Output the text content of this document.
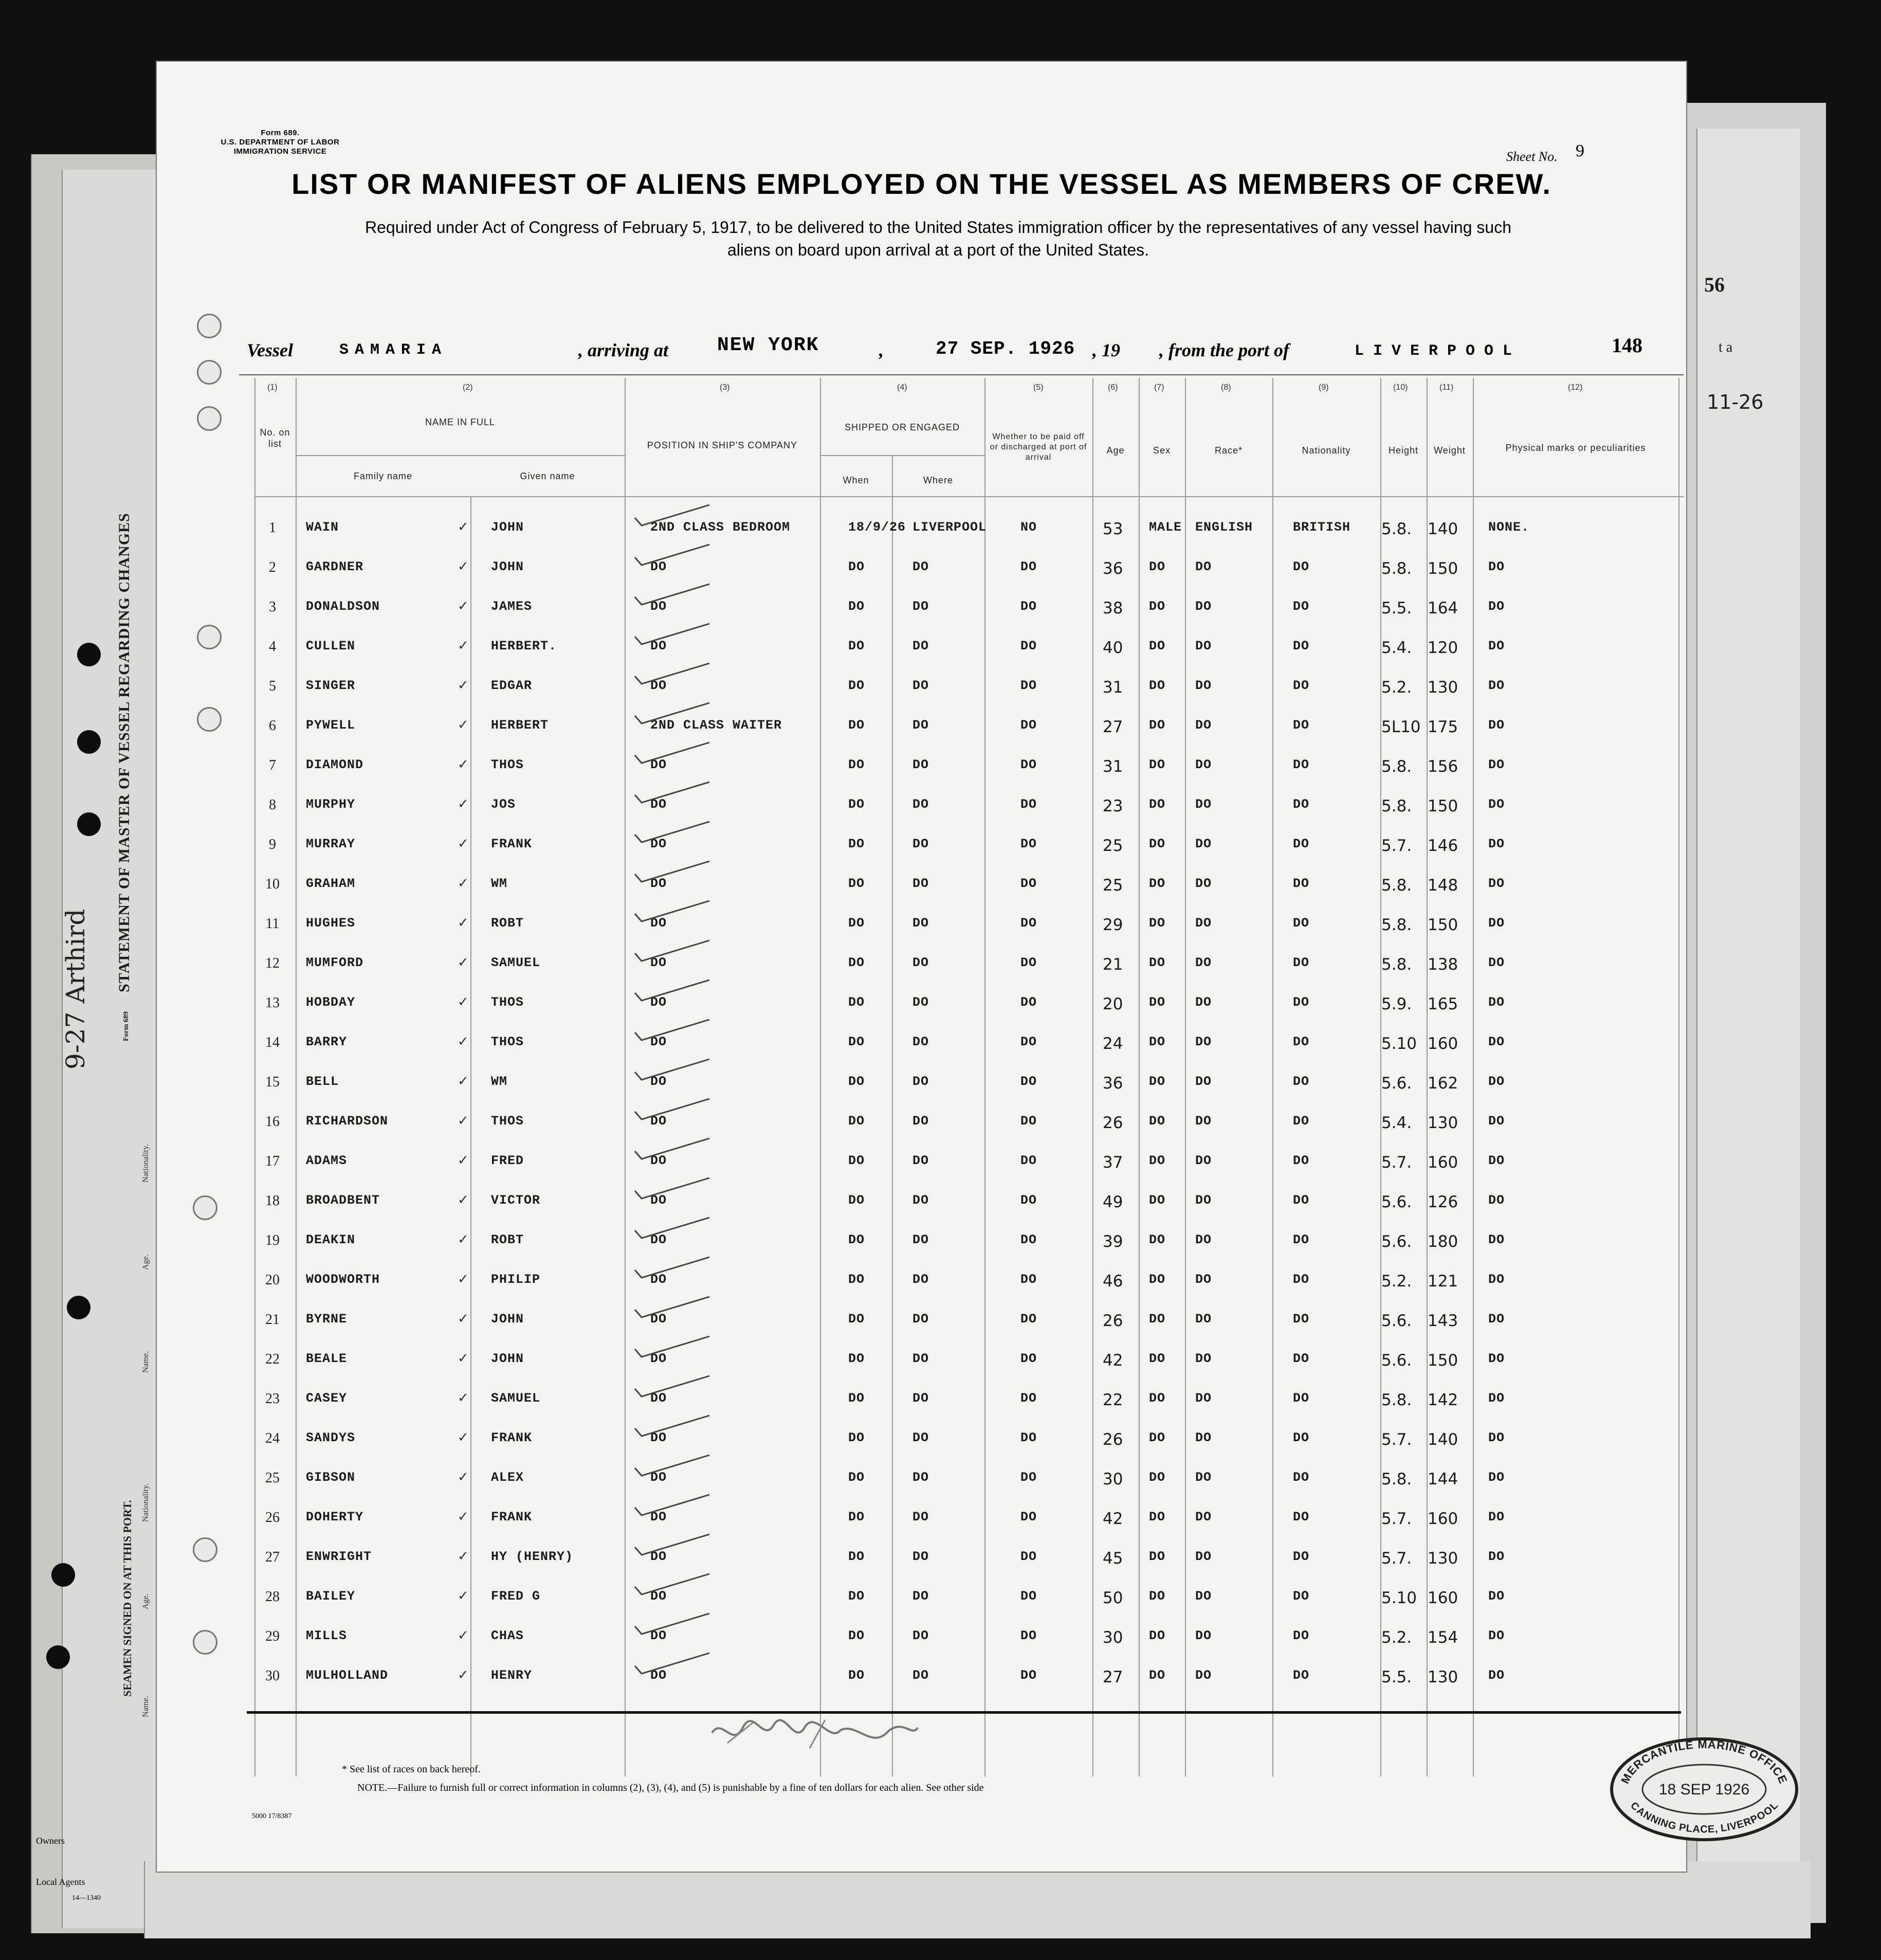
STATEMENT OF MASTER OF VESSEL REGARDING CHANGES
SEAMEN SIGNED ON AT THIS PORT.
Form 689
9-27 Arthird
Nationality.
Age.
Name.
Nationality.
Age.
Name.
Owners
Local Agents
14—1340
56
t a
11-26
Form 689.
U.S. DEPARTMENT OF LABOR
IMMIGRATION SERVICE	Sheet No. 9
LIST OR MANIFEST OF ALIENS EMPLOYED ON THE VESSEL AS MEMBERS OF CREW.
Required under Act of Congress of February 5, 1917, to be delivered to the United States immigration officer by the representatives of any vessel having such
aliens on board upon arrival at a port of the United States.
Vessel	SAMARIA	, arriving at NEW YORK	,	27 SEP. 1926 , 19 , from the port of	LIVERPOOL	148
(1)	(2)	(3)	(4)	(5)	(6)	(7)	(8)	(9)	(10)	(11)	(12)
No. on list
NAME IN FULL
Family name	Given name
POSITION IN SHIP'S COMPANY
SHIPPED OR ENGAGED
When	Where
Whether to be paid off or discharged at port of arrival
Age	Sex	Race*	Nationality	Height	Weight	Physical marks or peculiarities
1	WAIN	JOHN	2ND CLASS BEDROOM	18/9/26 LIVERPOOL	NO	53 MALE ENGLISH	BRITISH 5.8. 140 NONE.
✓
2	GARDNER	JOHN	DO	DO	DO	DO	36 DO DO	DO	5.8. 150 DO
✓
3	DONALDSON	JAMES	DO	DO	DO	DO	38 DO DO	DO	5.5. 164 DO
✓
4	CULLEN	HERBERT.	DO	DO	DO	DO	40 DO DO	DO	5.4. 120 DO
✓
5	SINGER	EDGAR	DO	DO	DO	DO	31 DO DO	DO	5.2. 130 DO
✓
6	PYWELL	HERBERT	2ND CLASS WAITER	DO	DO	DO	27 DO DO	DO	5L10 175 DO
✓
7	DIAMOND	THOS	DO	DO	DO	DO	31 DO DO	DO	5.8. 156 DO
✓
8	MURPHY	JOS	DO	DO	DO	DO	23 DO DO	DO	5.8. 150 DO
✓
9	MURRAY	FRANK	DO	DO	DO	DO	25 DO DO	DO	5.7. 146 DO
✓
10	GRAHAM	WM	DO	DO	DO	DO	25 DO DO	DO	5.8. 148 DO
✓
11	HUGHES	ROBT	DO	DO	DO	DO	29 DO DO	DO	5.8. 150 DO
✓
12	MUMFORD	SAMUEL	DO	DO	DO	DO	21 DO DO	DO	5.8. 138 DO
✓
13	HOBDAY	THOS	DO	DO	DO	DO	20 DO DO	DO	5.9. 165 DO
✓
14	BARRY	THOS	DO	DO	DO	DO	24 DO DO	DO	5.10 160 DO
✓
15	BELL	WM	DO	DO	DO	DO	36 DO DO	DO	5.6. 162 DO
✓
16	RICHARDSON	THOS	DO	DO	DO	DO	26 DO DO	DO	5.4. 130 DO
✓
17	ADAMS	FRED	DO	DO	DO	DO	37 DO DO	DO	5.7. 160 DO
✓
18	BROADBENT	VICTOR	DO	DO	DO	DO	49 DO DO	DO	5.6. 126 DO
✓
19	DEAKIN	ROBT	DO	DO	DO	DO	39 DO DO	DO	5.6. 180 DO
✓
20	WOODWORTH	PHILIP	DO	DO	DO	DO	46 DO DO	DO	5.2. 121 DO
✓
21	BYRNE	JOHN	DO	DO	DO	DO	26 DO DO	DO	5.6. 143 DO
✓
22	BEALE	JOHN	DO	DO	DO	DO	42 DO DO	DO	5.6. 150 DO
✓
23	CASEY	SAMUEL	DO	DO	DO	DO	22 DO DO	DO	5.8. 142 DO
✓
24	SANDYS	FRANK	DO	DO	DO	DO	26 DO DO	DO	5.7. 140 DO
✓
25	GIBSON	ALEX	DO	DO	DO	DO	30 DO DO	DO	5.8. 144 DO
✓
26	DOHERTY	FRANK	DO	DO	DO	DO	42 DO DO	DO	5.7. 160 DO
✓
27	ENWRIGHT	HY (HENRY)	DO	DO	DO	DO	45 DO DO	DO	5.7. 130 DO
✓
28	BAILEY	FRED G	DO	DO	DO	DO	50 DO DO	DO	5.10 160 DO
✓
29	MILLS	CHAS	DO	DO	DO	DO	30 DO DO	DO	5.2. 154 DO
✓
30	MULHOLLAND	HENRY	DO	DO	DO	DO	27 DO DO	DO	5.5. 130 DO
✓
* See list of races on back hereof.
NOTE.—Failure to furnish full or correct information in columns (2), (3), (4), and (5) is punishable by a fine of ten dollars for each alien. See other side
5000 17/8387
MERCANTILE MARINE OFFICE
18 SEP 1926
CANNING PLACE, LIVERPOOL
